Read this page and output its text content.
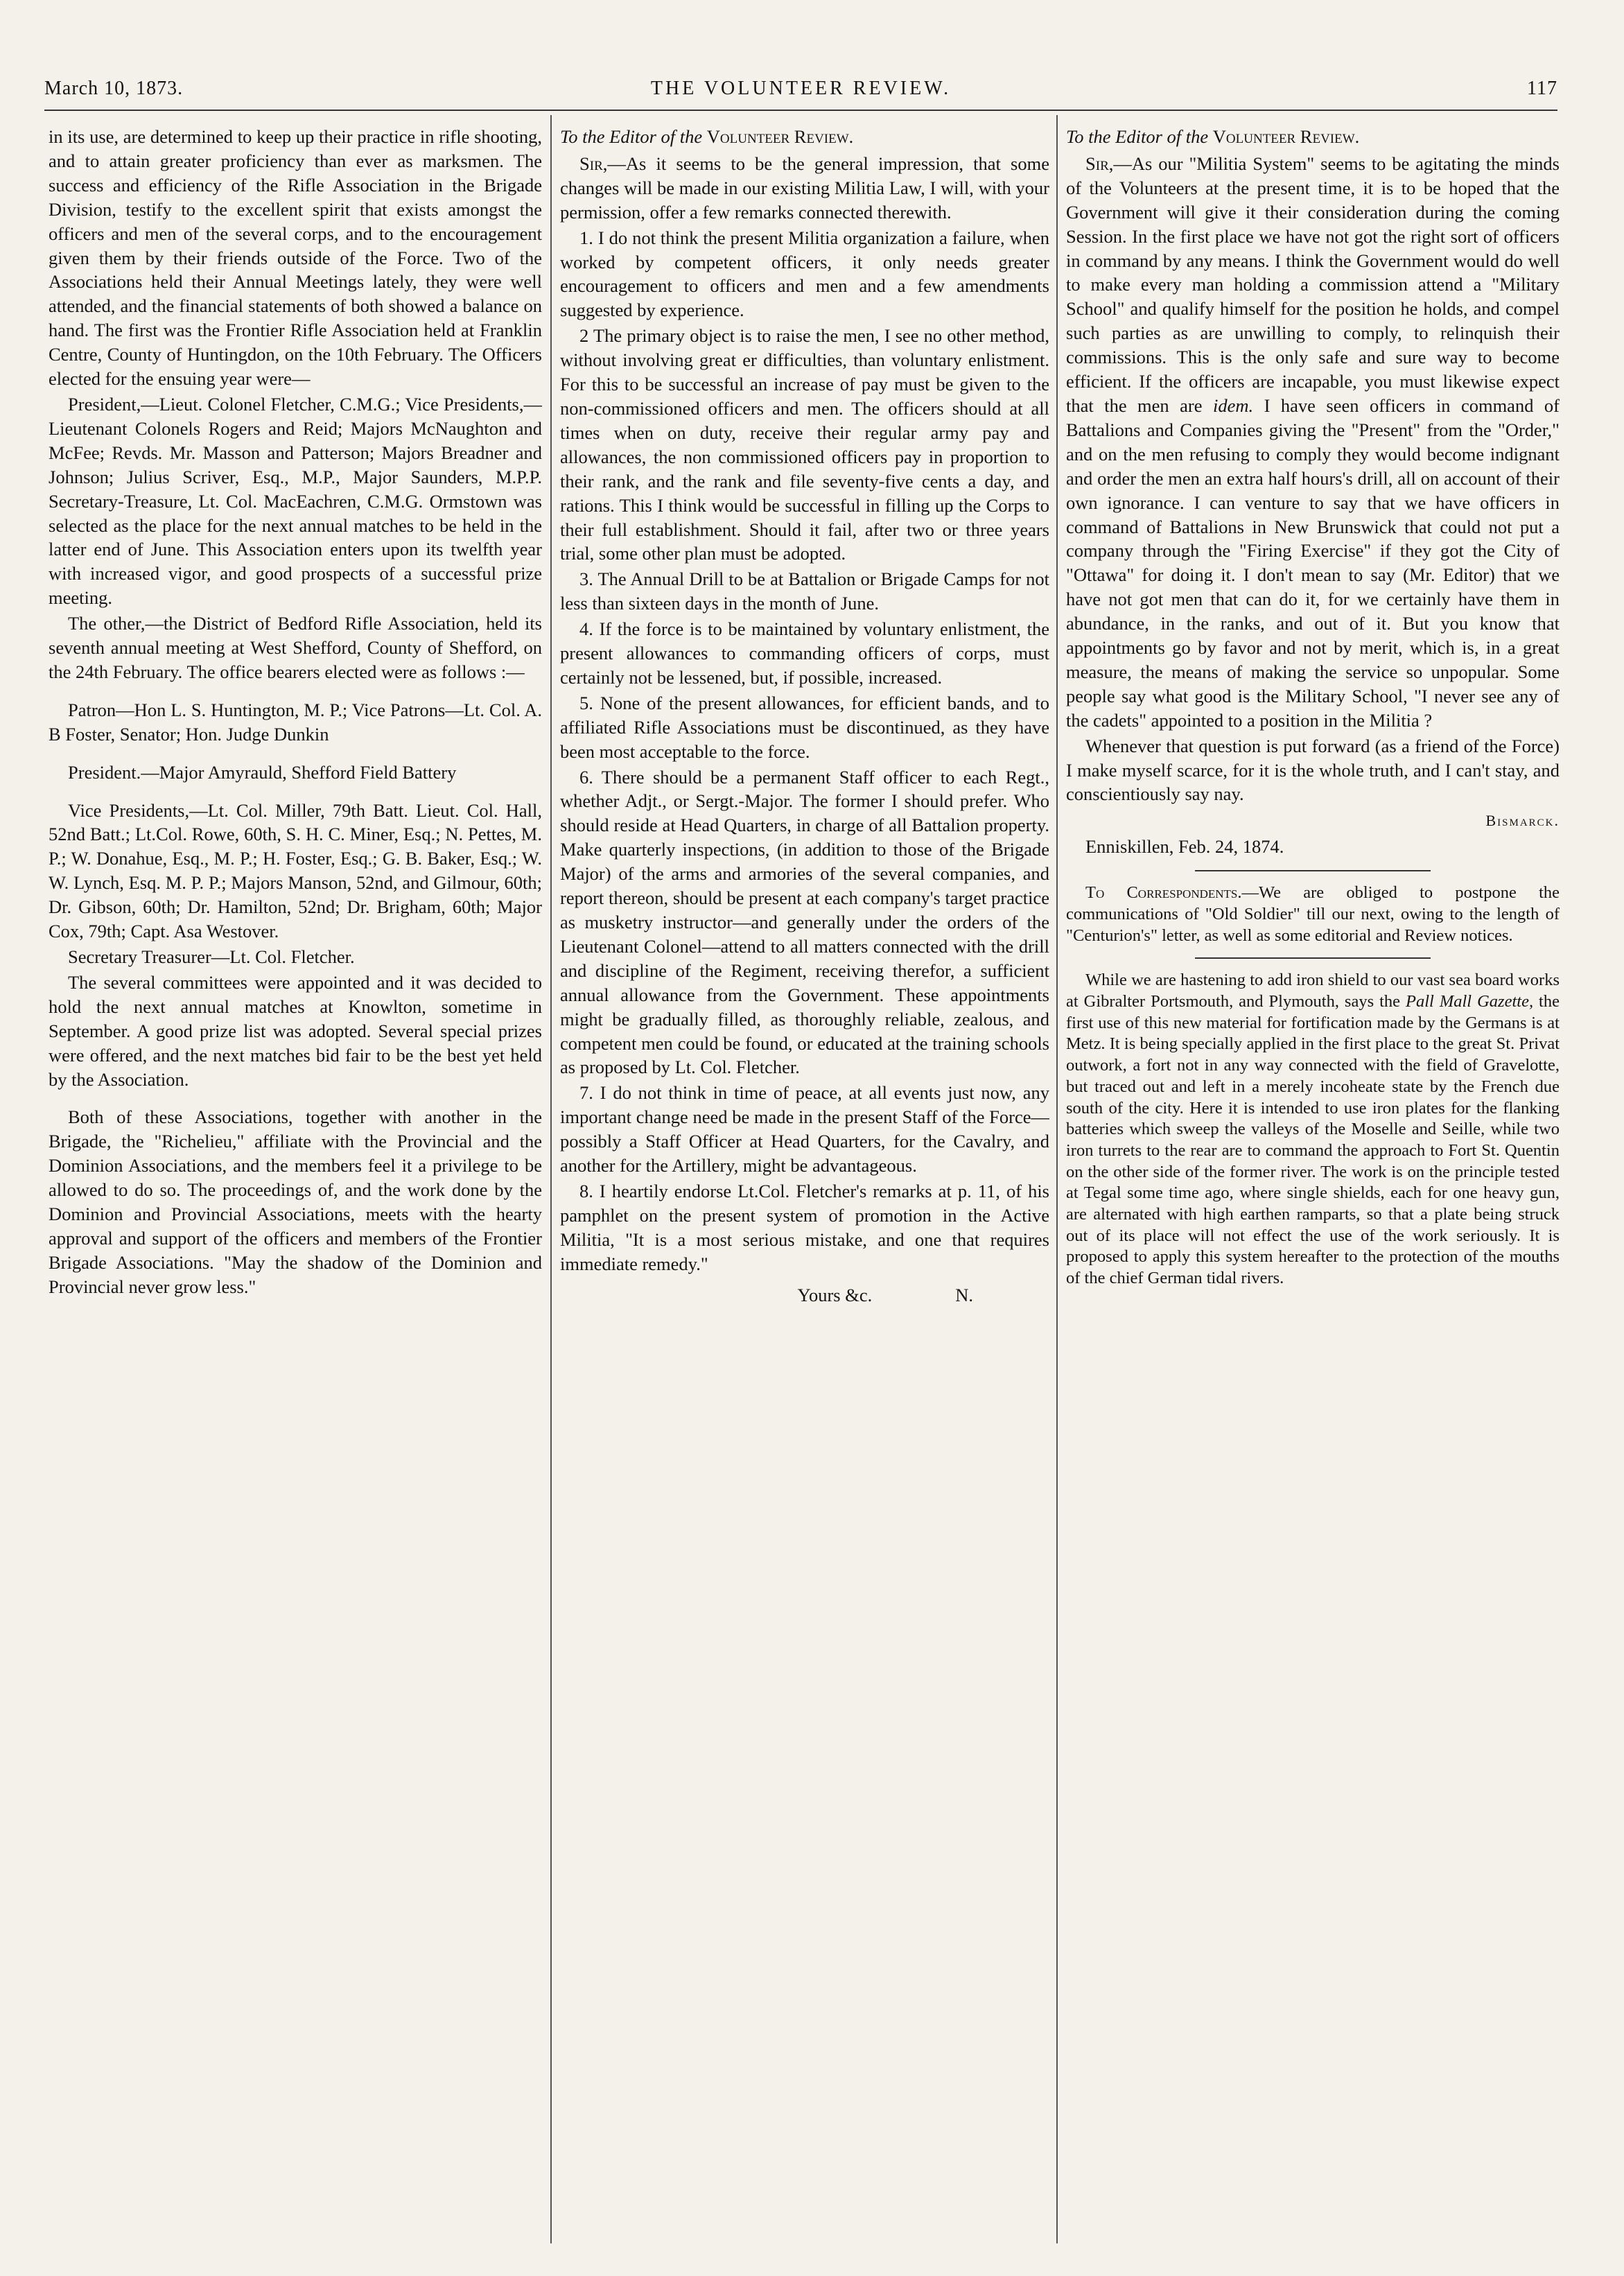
March 10, 1873.	THE VOLUNTEER REVIEW.	117

in its use, are determined to keep up their practice in rifle shooting, and to attain greater proficiency than ever as marksmen. The success and efficiency of the Rifle Association in the Brigade Division, testify to the excellent spirit that exists amongst the officers and men of the several corps, and to the encouragement given them by their friends outside of the Force. Two of the Associations held their Annual Meetings lately, they were well attended, and the financial statements of both showed a balance on hand. The first was the Frontier Rifle Association held at Franklin Centre, County of Huntingdon, on the 10th February. The Officers elected for the ensuing year were—

President,—Lieut. Colonel Fletcher, C.M.G.; Vice Presidents,—Lieutenant Colonels Rogers and Reid; Majors McNaughton and McFee; Revds. Mr. Masson and Patterson; Majors Breadner and Johnson; Julius Scriver, Esq., M.P., Major Saunders, M.P.P. Secretary-Treasure, Lt. Col. MacEachren, C.M.G. Ormstown was selected as the place for the next annual matches to be held in the latter end of June. This Association enters upon its twelfth year with increased vigor, and good prospects of a successful prize meeting.

The other,—the District of Bedford Rifle Association, held its seventh annual meeting at West Shefford, County of Shefford, on the 24th February. The office bearers elected were as follows :—

Patron—Hon L. S. Huntington, M. P.; Vice Patrons—Lt. Col. A. B Foster, Senator; Hon. Judge Dunkin

President.—Major Amyrauld, Shefford Field Battery

Vice Presidents,—Lt. Col. Miller, 79th Batt. Lieut. Col. Hall, 52nd Batt.; Lt.Col. Rowe, 60th, S. H. C. Miner, Esq.; N. Pettes, M. P.; W. Donahue, Esq., M. P.; H. Foster, Esq.; G. B. Baker, Esq.; W. W. Lynch, Esq. M. P. P.; Majors Manson, 52nd, and Gilmour, 60th; Dr. Gibson, 60th; Dr. Hamilton, 52nd; Dr. Brigham, 60th; Major Cox, 79th; Capt. Asa Westover.

Secretary Treasurer—Lt. Col. Fletcher.

The several committees were appointed and it was decided to hold the next annual matches at Knowlton, sometime in September. A good prize list was adopted. Several special prizes were offered, and the next matches bid fair to be the best yet held by the Association.

Both of these Associations, together with another in the Brigade, the "Richelieu," affiliate with the Provincial and the Dominion Associations, and the members feel it a privilege to be allowed to do so. The proceedings of, and the work done by the Dominion and Provincial Associations, meets with the hearty approval and support of the officers and members of the Frontier Brigade Associations. "May the shadow of the Dominion and Provincial never grow less."

To the Editor of the Volunteer Review.

Sir,—As it seems to be the general impression, that some changes will be made in our existing Militia Law, I will, with your permission, offer a few remarks connected therewith.

1. I do not think the present Militia organization a failure, when worked by competent officers, it only needs greater encouragement to officers and men and a few amendments suggested by experience.

2 The primary object is to raise the men, I see no other method, without involving great er difficulties, than voluntary enlistment. For this to be successful an increase of pay must be given to the non-commissioned officers and men. The officers should at all times when on duty, receive their regular army pay and allowances, the non commissioned officers pay in proportion to their rank, and the rank and file seventy-five cents a day, and rations. This I think would be successful in filling up the Corps to their full establishment. Should it fail, after two or three years trial, some other plan must be adopted.

3. The Annual Drill to be at Battalion or Brigade Camps for not less than sixteen days in the month of June.

4. If the force is to be maintained by voluntary enlistment, the present allowances to commanding officers of corps, must certainly not be lessened, but, if possible, increased.

5. None of the present allowances, for efficient bands, and to affiliated Rifle Associations must be discontinued, as they have been most acceptable to the force.

6. There should be a permanent Staff officer to each Regt., whether Adjt., or Sergt.-Major. The former I should prefer. Who should reside at Head Quarters, in charge of all Battalion property. Make quarterly inspections, (in addition to those of the Brigade Major) of the arms and armories of the several companies, and report thereon, should be present at each company's target practice as musketry instructor—and generally under the orders of the Lieutenant Colonel—attend to all matters connected with the drill and discipline of the Regiment, receiving therefor, a sufficient annual allowance from the Government. These appointments might be gradually filled, as thoroughly reliable, zealous, and competent men could be found, or educated at the training schools as proposed by Lt. Col. Fletcher.

7. I do not think in time of peace, at all events just now, any important change need be made in the present Staff of the Force—possibly a Staff Officer at Head Quarters, for the Cavalry, and another for the Artillery, might be advantageous.

8. I heartily endorse Lt.Col. Fletcher's remarks at p. 11, of his pamphlet on the present system of promotion in the Active Militia, "It is a most serious mistake, and one that requires immediate remedy."

Yours &c.	N.

To the Editor of the Volunteer Review.

Sir,—As our "Militia System" seems to be agitating the minds of the Volunteers at the present time, it is to be hoped that the Government will give it their consideration during the coming Session. In the first place we have not got the right sort of officers in command by any means. I think the Government would do well to make every man holding a commission attend a "Military School" and qualify himself for the position he holds, and compel such parties as are unwilling to comply, to relinquish their commissions. This is the only safe and sure way to become efficient. If the officers are incapable, you must likewise expect that the men are idem. I have seen officers in command of Battalions and Companies giving the "Present" from the "Order," and on the men refusing to comply they would become indignant and order the men an extra half hours's drill, all on account of their own ignorance. I can venture to say that we have officers in command of Battalions in New Brunswick that could not put a company through the "Firing Exercise" if they got the City of "Ottawa" for doing it. I don't mean to say (Mr. Editor) that we have not got men that can do it, for we certainly have them in abundance, in the ranks, and out of it. But you know that appointments go by favor and not by merit, which is, in a great measure, the means of making the service so unpopular. Some people say what good is the Military School, "I never see any of the cadets" appointed to a position in the Militia ?

Whenever that question is put forward (as a friend of the Force) I make myself scarce, for it is the whole truth, and I can't stay, and conscientiously say nay.

Bismarck.

Enniskillen, Feb. 24, 1874.

To Correspondents.—We are obliged to postpone the communications of "Old Soldier" till our next, owing to the length of "Centurion's" letter, as well as some editorial and Review notices.

While we are hastening to add iron shield to our vast sea board works at Gibralter Portsmouth, and Plymouth, says the Pall Mall Gazette, the first use of this new material for fortification made by the Germans is at Metz. It is being specially applied in the first place to the great St. Privat outwork, a fort not in any way connected with the field of Gravelotte, but traced out and left in a merely incoheate state by the French due south of the city. Here it is intended to use iron plates for the flanking batteries which sweep the valleys of the Moselle and Seille, while two iron turrets to the rear are to command the approach to Fort St. Quentin on the other side of the former river. The work is on the principle tested at Tegal some time ago, where single shields, each for one heavy gun, are alternated with high earthen ramparts, so that a plate being struck out of its place will not effect the use of the work seriously. It is proposed to apply this system hereafter to the protection of the mouths of the chief German tidal rivers.
